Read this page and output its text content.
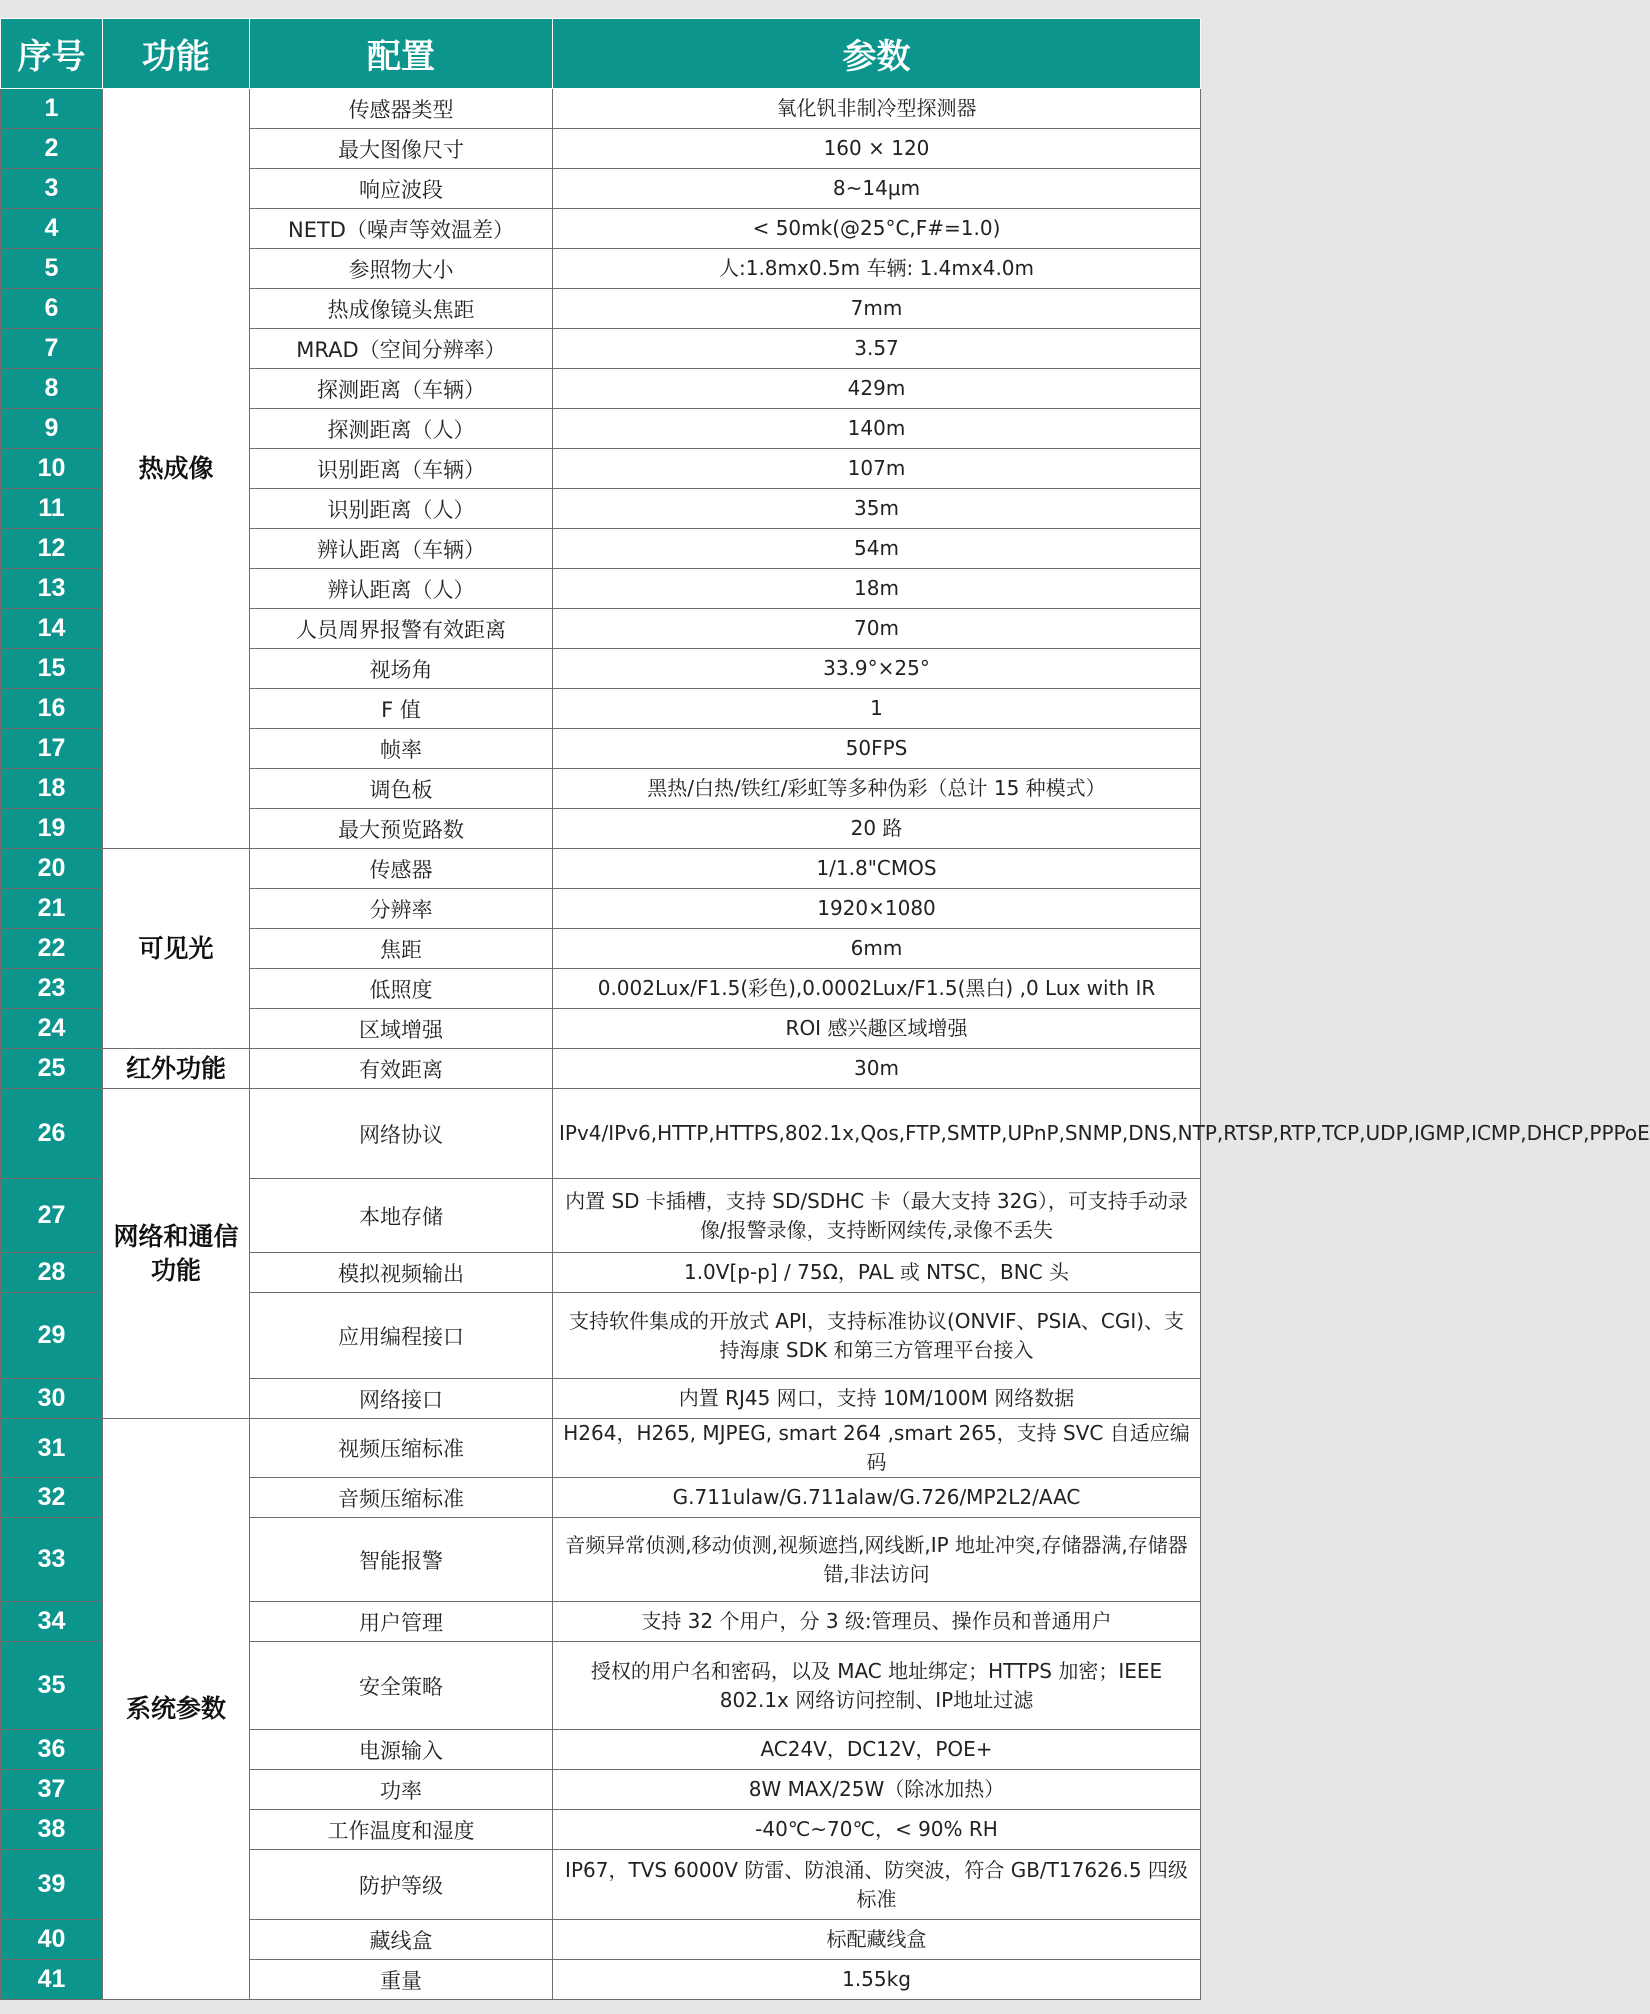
序号	功能	配置	参数
1	热成像	传感器类型	氧化钒非制冷型探测器
2		最大图像尺寸	160 × 120
3		响应波段	8~14μm
4		NETD（噪声等效温差）	< 50mk(@25°C,F#=1.0)
5		参照物大小	人:1.8mx0.5m 车辆: 1.4mx4.0m
6		热成像镜头焦距	7mm
7		MRAD（空间分辨率）	3.57
8		探测距离（车辆）	429m
9		探测距离（人）	140m
10		识别距离（车辆）	107m
11		识别距离（人）	35m
12		辨认距离（车辆）	54m
13		辨认距离（人）	18m
14		人员周界报警有效距离	70m
15		视场角	33.9°×25°
16		F 值	1
17		帧率	50FPS
18		调色板	黑热/白热/铁红/彩虹等多种伪彩（总计 15 种模式）
19		最大预览路数	20 路
20	可见光	传感器	1/1.8"CMOS
21		分辨率	1920×1080
22		焦距	6mm
23		低照度	0.002Lux/F1.5(彩色),0.0002Lux/F1.5(黑白) ,0 Lux with IR
24		区域增强	ROI 感兴趣区域增强
25	红外功能	有效距离	30m
26	网络和通信功能	网络协议	IPv4/IPv6,HTTP,HTTPS,802.1x,Qos,FTP,SMTP,UPnP,SNMP,DNS,NTP,RTSP,RTP,TCP,UDP,IGMP,ICMP,DHCP,PPPoE
27		本地存储	内置 SD 卡插槽，支持 SD/SDHC 卡（最大支持 32G），可支持手动录像/报警录像，支持断网续传,录像不丢失
28		模拟视频输出	1.0V[p-p] / 75Ω，PAL 或 NTSC，BNC 头
29		应用编程接口	支持软件集成的开放式 API，支持标准协议(ONVIF、PSIA、CGI)、支持海康 SDK 和第三方管理平台接入
30		网络接口	内置 RJ45 网口，支持 10M/100M 网络数据
31	系统参数	视频压缩标准	H264，H265, MJPEG, smart 264 ,smart 265，支持 SVC 自适应编码
32		音频压缩标准	G.711ulaw/G.711alaw/G.726/MP2L2/AAC
33		智能报警	音频异常侦测,移动侦测,视频遮挡,网线断,IP 地址冲突,存储器满,存储器错,非法访问
34		用户管理	支持 32 个用户，分 3 级:管理员、操作员和普通用户
35		安全策略	授权的用户名和密码，以及 MAC 地址绑定；HTTPS 加密；IEEE 802.1x 网络访问控制、IP地址过滤
36		电源输入	AC24V，DC12V，POE+
37		功率	8W MAX/25W（除冰加热）
38		工作温度和湿度	-40℃~70℃，< 90% RH
39		防护等级	IP67，TVS 6000V 防雷、防浪涌、防突波，符合 GB/T17626.5 四级标准
40		藏线盒	标配藏线盒
41		重量	1.55kg
